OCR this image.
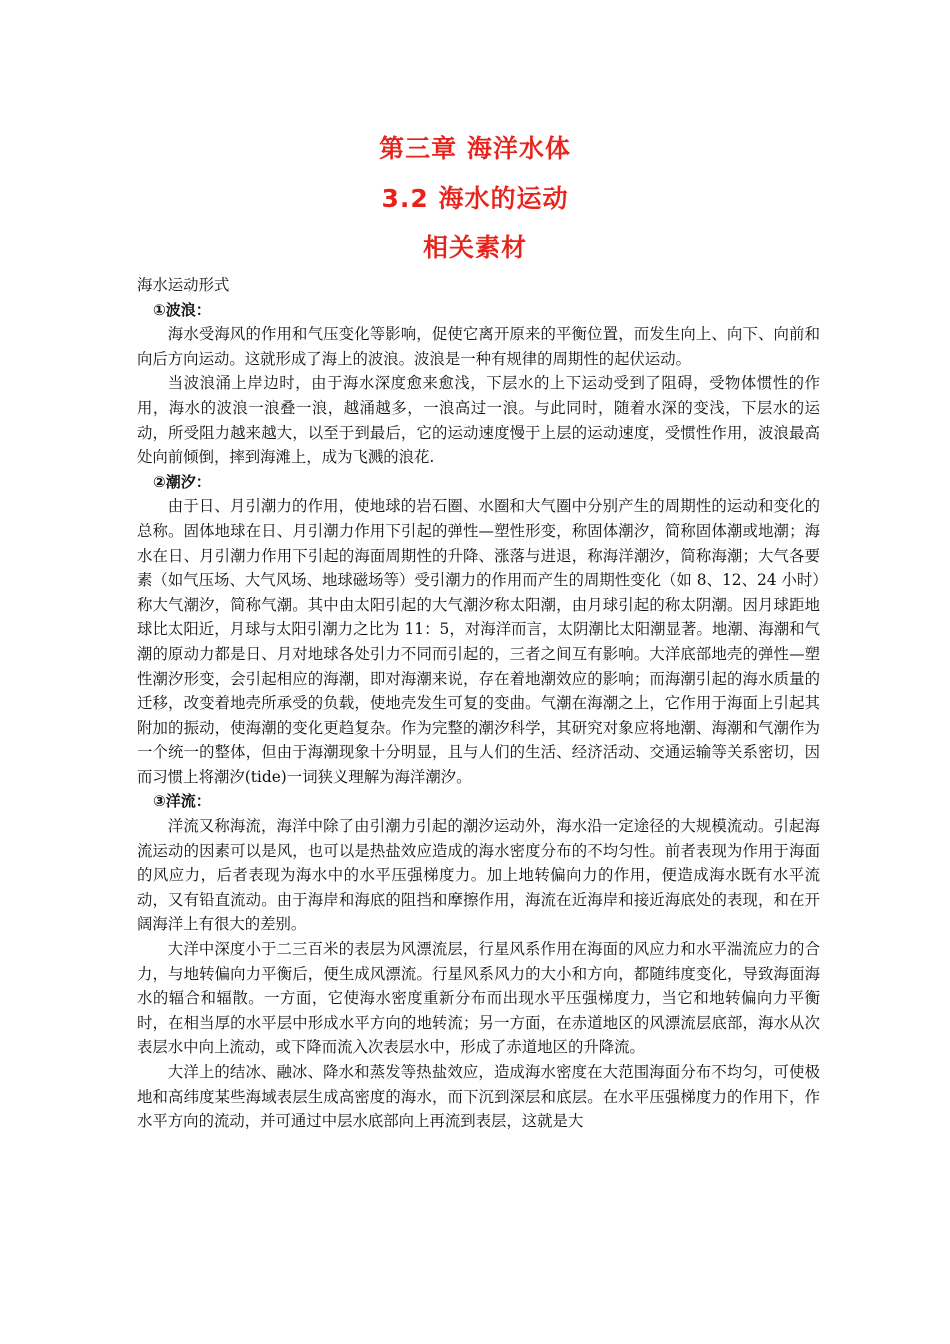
第三章 海洋水体
3.2 海水的运动
相关素材

海水运动形式

①波浪：

海水受海风的作用和气压变化等影响，促使它离开原来的平衡位置，而发生向上、向下、向前和向后方向运动。这就形成了海上的波浪。波浪是一种有规律的周期性的起伏运动。

当波浪涌上岸边时，由于海水深度愈来愈浅，下层水的上下运动受到了阻碍，受物体惯性的作用，海水的波浪一浪叠一浪，越涌越多，一浪高过一浪。与此同时，随着水深的变浅，下层水的运动，所受阻力越来越大，以至于到最后，它的运动速度慢于上层的运动速度，受惯性作用，波浪最高处向前倾倒，摔到海滩上，成为飞溅的浪花.

②潮汐：

由于日、月引潮力的作用，使地球的岩石圈、水圈和大气圈中分别产生的周期性的运动和变化的总称。固体地球在日、月引潮力作用下引起的弹性—塑性形变，称固体潮汐，简称固体潮或地潮；海水在日、月引潮力作用下引起的海面周期性的升降、涨落与进退，称海洋潮汐，简称海潮；大气各要素（如气压场、大气风场、地球磁场等）受引潮力的作用而产生的周期性变化（如 8、12、24 小时）称大气潮汐，简称气潮。其中由太阳引起的大气潮汐称太阳潮，由月球引起的称太阴潮。因月球距地球比太阳近，月球与太阳引潮力之比为 11：5，对海洋而言，太阴潮比太阳潮显著。地潮、海潮和气潮的原动力都是日、月对地球各处引力不同而引起的，三者之间互有影响。大洋底部地壳的弹性—塑性潮汐形变，会引起相应的海潮，即对海潮来说，存在着地潮效应的影响；而海潮引起的海水质量的迁移，改变着地壳所承受的负载，使地壳发生可复的变曲。气潮在海潮之上，它作用于海面上引起其附加的振动，使海潮的变化更趋复杂。作为完整的潮汐科学，其研究对象应将地潮、海潮和气潮作为一个统一的整体，但由于海潮现象十分明显，且与人们的生活、经济活动、交通运输等关系密切，因而习惯上将潮汐(tide)一词狭义理解为海洋潮汐。

③洋流：

洋流又称海流，海洋中除了由引潮力引起的潮汐运动外，海水沿一定途径的大规模流动。引起海流运动的因素可以是风，也可以是热盐效应造成的海水密度分布的不均匀性。前者表现为作用于海面的风应力，后者表现为海水中的水平压强梯度力。加上地转偏向力的作用，便造成海水既有水平流动，又有铅直流动。由于海岸和海底的阻挡和摩擦作用，海流在近海岸和接近海底处的表现，和在开阔海洋上有很大的差别。

大洋中深度小于二三百米的表层为风漂流层，行星风系作用在海面的风应力和水平湍流应力的合力，与地转偏向力平衡后，便生成风漂流。行星风系风力的大小和方向，都随纬度变化，导致海面海水的辐合和辐散。一方面，它使海水密度重新分布而出现水平压强梯度力，当它和地转偏向力平衡时，在相当厚的水平层中形成水平方向的地转流；另一方面，在赤道地区的风漂流层底部，海水从次表层水中向上流动，或下降而流入次表层水中，形成了赤道地区的升降流。

大洋上的结冰、融冰、降水和蒸发等热盐效应，造成海水密度在大范围海面分布不均匀，可使极地和高纬度某些海域表层生成高密度的海水，而下沉到深层和底层。在水平压强梯度力的作用下，作水平方向的流动，并可通过中层水底部向上再流到表层，这就是大
